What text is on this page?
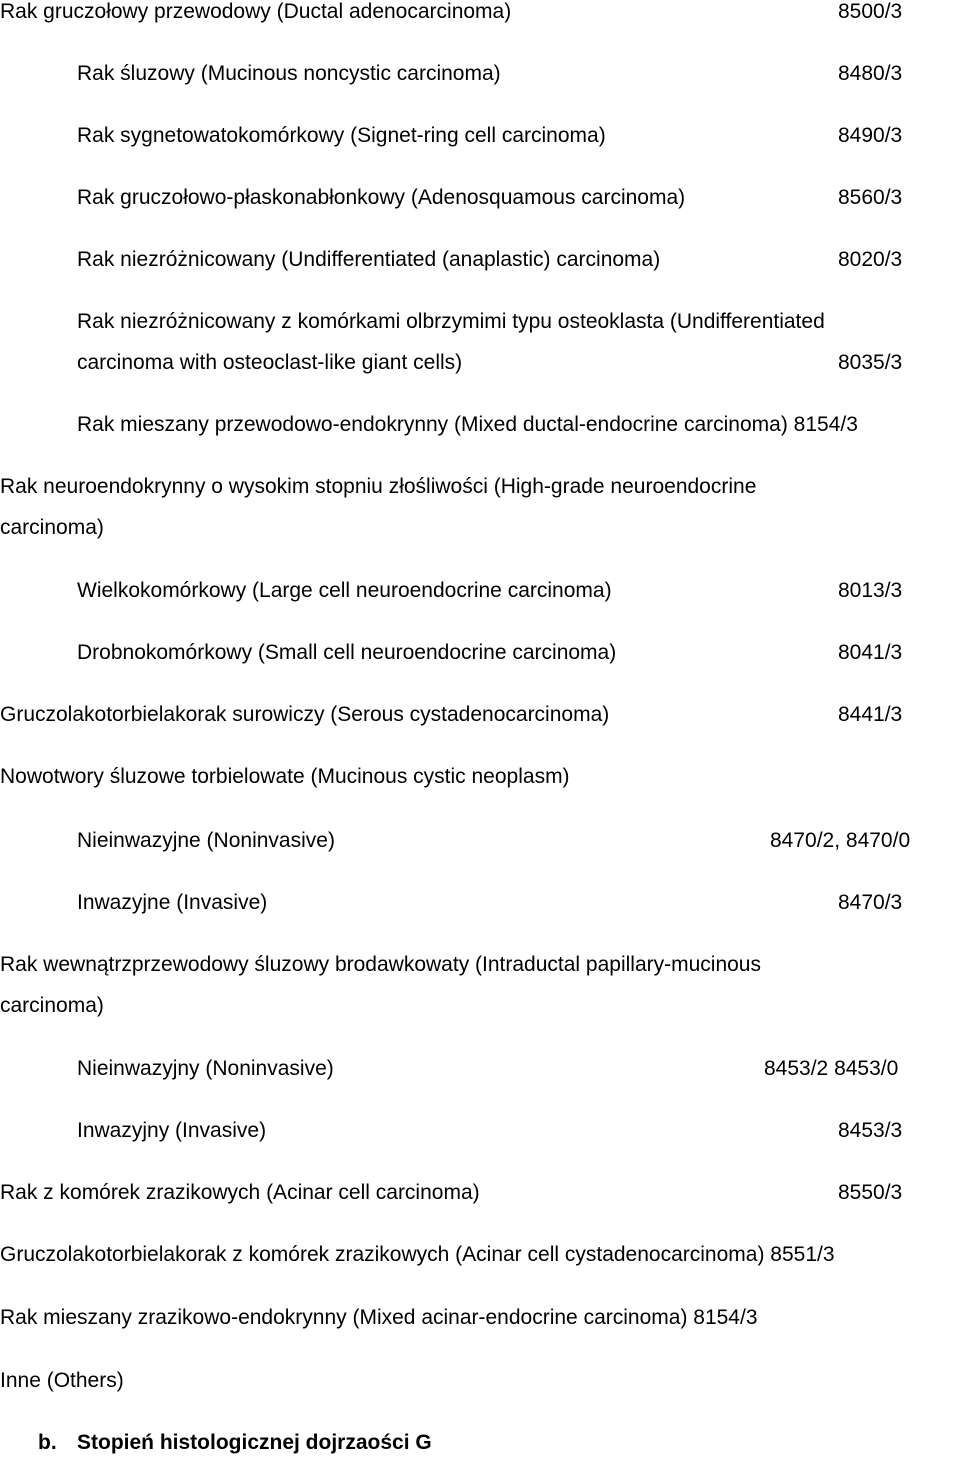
Rak gruczołowy przewodowy (Ductal adenocarcinoma)	8500/3
Rak śluzowy (Mucinous noncystic carcinoma)	8480/3
Rak sygnetowatokomórkowy (Signet-ring cell carcinoma)	8490/3
Rak gruczołowo-płaskonabłonkowy (Adenosquamous carcinoma)	8560/3
Rak niezróżnicowany (Undifferentiated (anaplastic) carcinoma)	8020/3
Rak niezróżnicowany z komórkami olbrzymimi typu osteoklasta (Undifferentiated
carcinoma with osteoclast-like giant cells)	8035/3
Rak mieszany przewodowo-endokrynny (Mixed ductal-endocrine carcinoma) 8154/3
Rak neuroendokrynny o wysokim stopniu złośliwości (High-grade neuroendocrine
carcinoma)
Wielkokomórkowy (Large cell neuroendocrine carcinoma)	8013/3
Drobnokomórkowy (Small cell neuroendocrine carcinoma)	8041/3
Gruczolakotorbielakorak surowiczy (Serous cystadenocarcinoma)	8441/3
Nowotwory śluzowe torbielowate (Mucinous cystic neoplasm)
Nieinwazyjne (Noninvasive)	8470/2, 8470/0
Inwazyjne (Invasive)	8470/3
Rak wewnątrzprzewodowy śluzowy brodawkowaty (Intraductal papillary-mucinous
carcinoma)
Nieinwazyjny (Noninvasive)	8453/2 8453/0
Inwazyjny (Invasive)	8453/3
Rak z komórek zrazikowych (Acinar cell carcinoma)	8550/3
Gruczolakotorbielakorak z komórek zrazikowych (Acinar cell cystadenocarcinoma) 8551/3
Rak mieszany zrazikowo-endokrynny (Mixed acinar-endocrine carcinoma) 8154/3
Inne (Others)
b. Stopień histologicznej dojrzaości G
